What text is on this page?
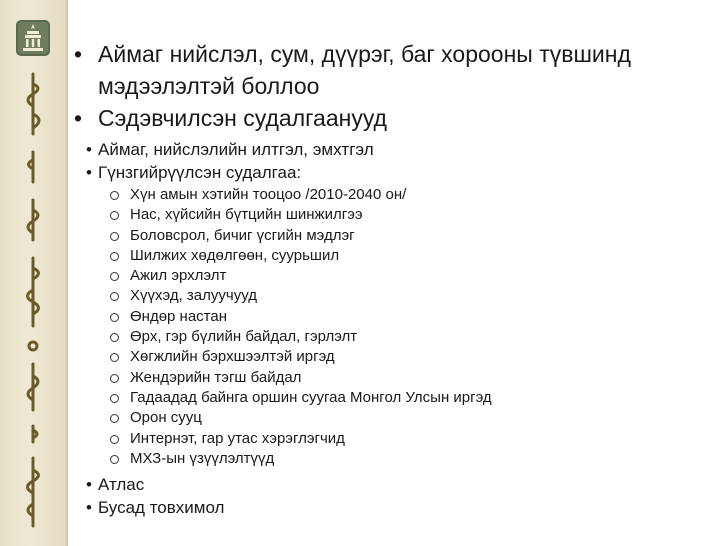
• Аймаг нийслэл, сум, дүүрэг, баг хорооны түвшинд мэдээлэлтэй боллоо
• Сэдэвчилсэн судалгаанууд
• Аймаг, нийслэлийн илтгэл, эмхтгэл
• Гүнзгийрүүлсэн судалгаа:
Хүн амын хэтийн тооцоо /2010-2040 он/
Нас, хүйсийн бүтцийн шинжилгээ
Боловсрол, бичиг үсгийн мэдлэг
Шилжих хөдөлгөөн, суурьшил
Ажил эрхлэлт
Хүүхэд, залуучууд
Өндөр настан
Өрх, гэр бүлийн байдал, гэрлэлт
Хөгжлийн бэрхшээлтэй иргэд
Жендэрийн тэгш байдал
Гадаадад байнга оршин суугаа Монгол Улсын иргэд
Орон сууц
Интернэт, гар утас хэрэглэгчид
МХЗ-ын үзүүлэлтүүд
• Атлас
• Бусад товхимол
